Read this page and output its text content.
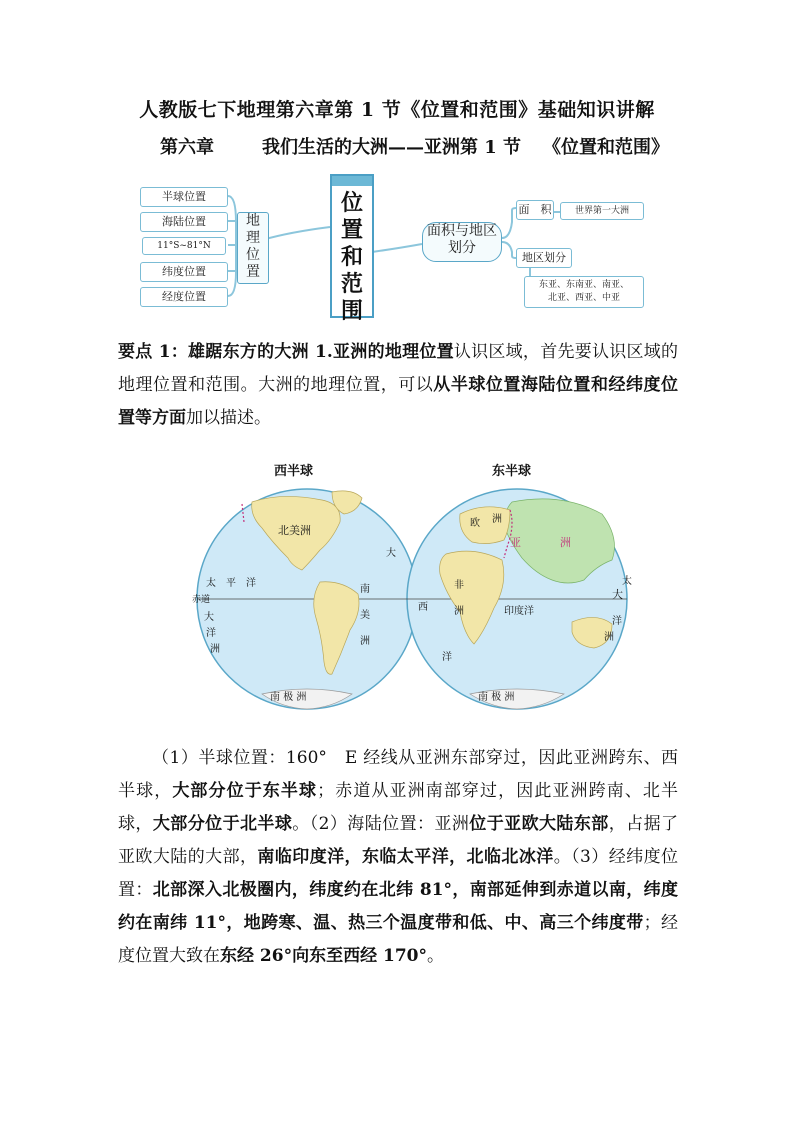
人教版七下地理第六章第 1 节《位置和范围》基础知识讲解
第六章	我们生活的大洲——亚洲第 1 节 《位置和范围》
半球位置
海陆位置
11°S~81°N
纬度位置
经度位置
地理位置
位置和范围
面积与地区划分
面　积	世界第一大洲
地区划分
东亚、东南亚、南亚、
北亚、西亚、中亚
要点 1：雄踞东方的大洲 1.亚洲的地理位置认识区域，首先要认识区域的地理位置和范围。大洲的地理位置，可以从半球位置海陆位置和经纬度位置等方面加以描述。
西半球	东半球
北美洲
南
美
洲
太　平　洋
大
赤道
大
洋
洲
南 极 洲
欧 洲
亚	洲
非
洲	印度洋
西
洋
大
洋
洲
太
南 极 洲
（1）半球位置：160°　E 经线从亚洲东部穿过，因此亚洲跨东、西半球，大部分位于东半球；赤道从亚洲南部穿过，因此亚洲跨南、北半球，大部分位于北半球。（2）海陆位置：亚洲位于亚欧大陆东部，占据了亚欧大陆的大部，南临印度洋，东临太平洋，北临北冰洋。（3）经纬度位置：北部深入北极圈内，纬度约在北纬 81°，南部延伸到赤道以南，纬度约在南纬 11°，地跨寒、温、热三个温度带和低、中、高三个纬度带；经度位置大致在东经 26°向东至西经 170°。
